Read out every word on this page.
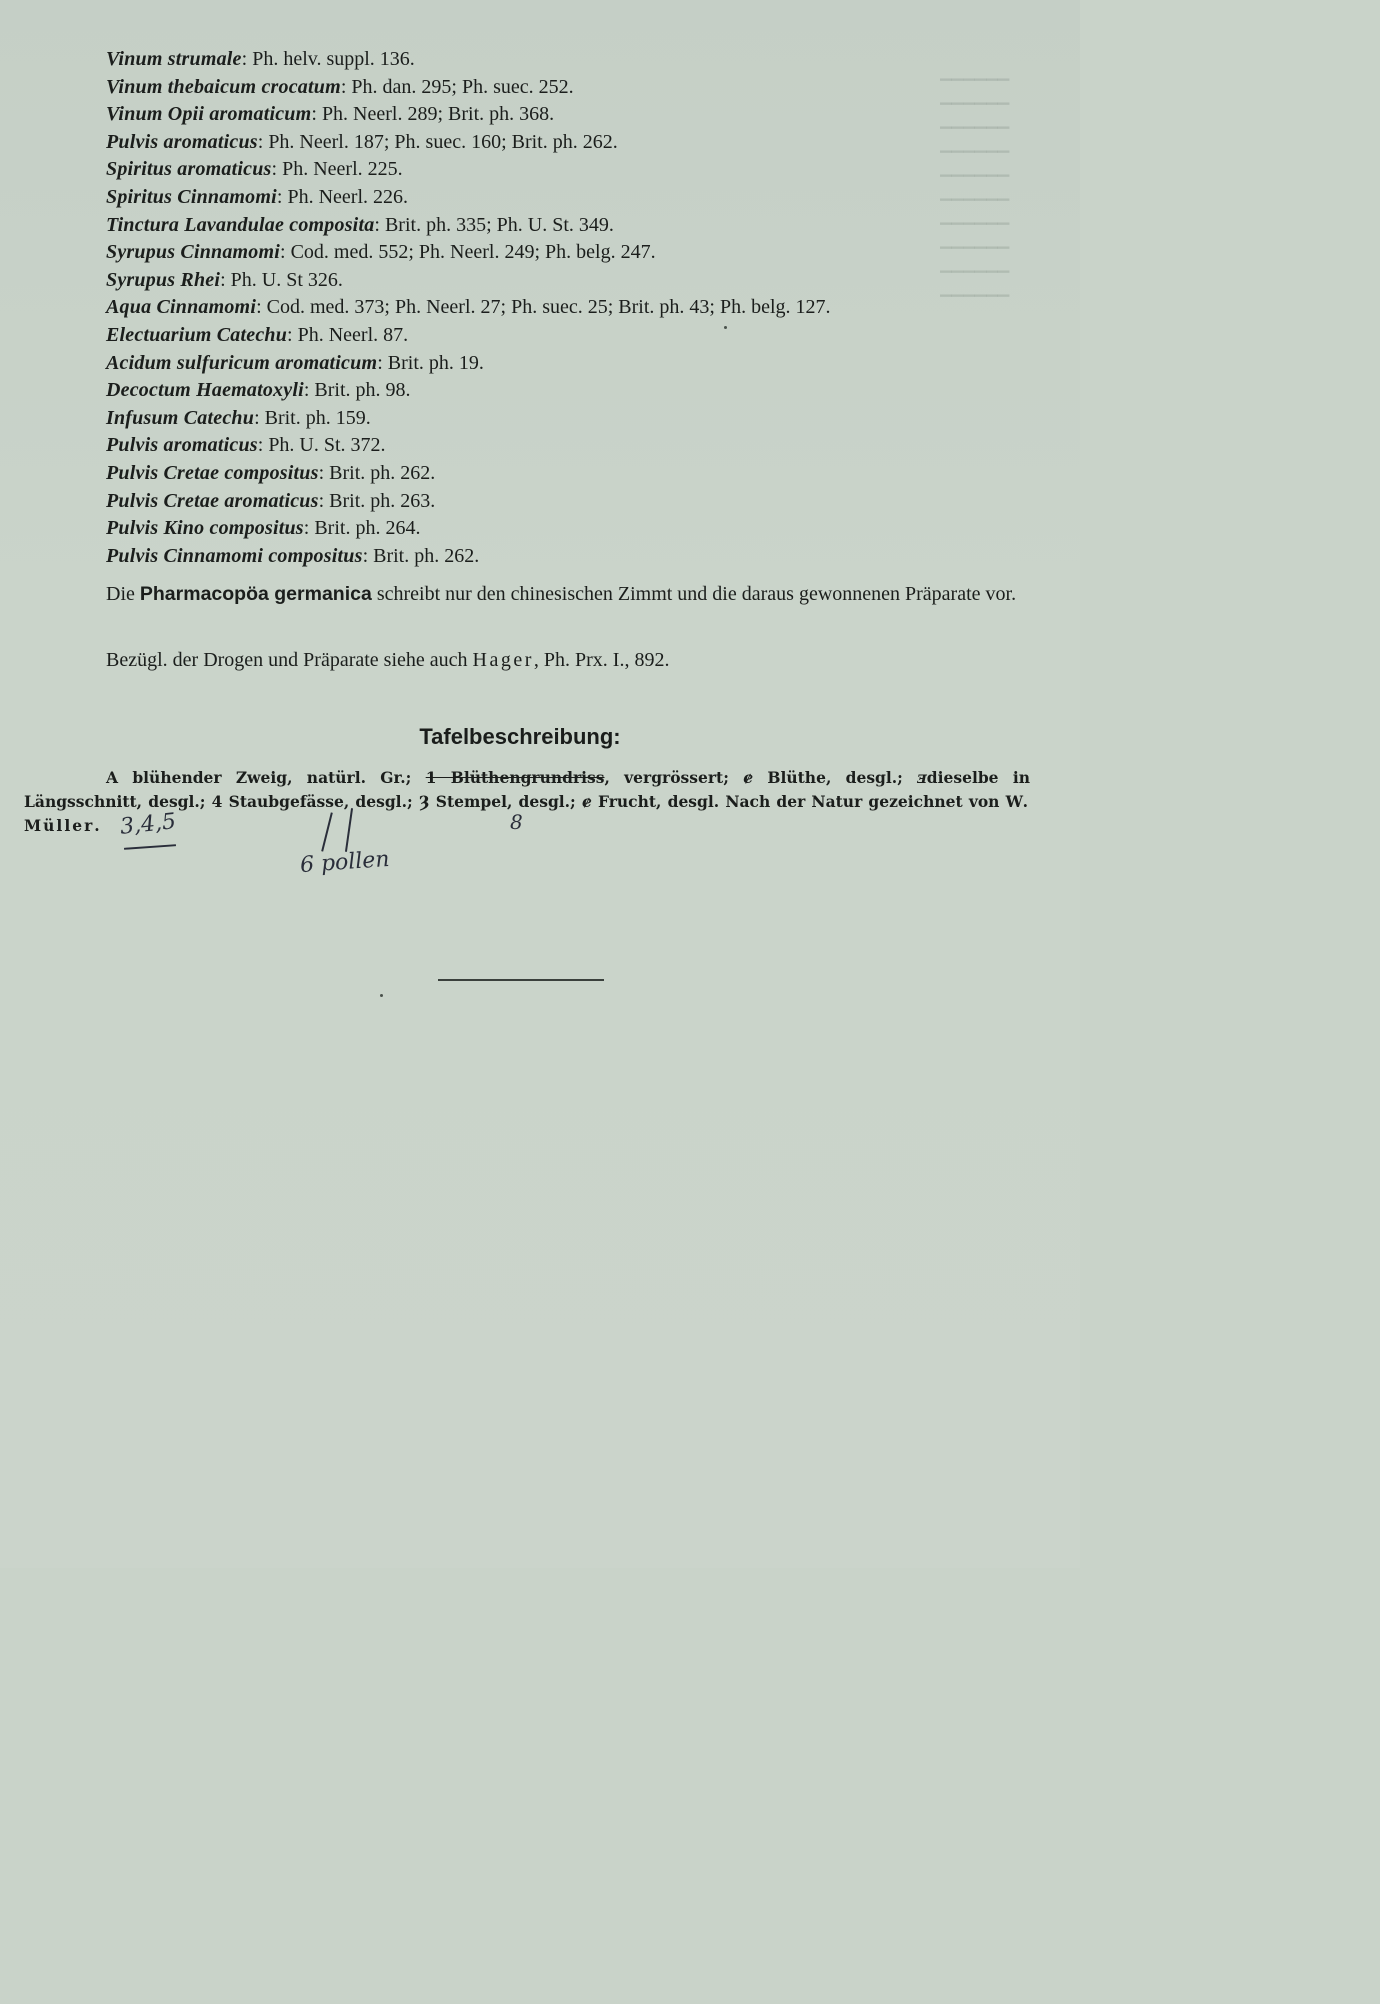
▁▁▁▁▁▁
▁▁▁▁▁▁
▁▁▁▁▁▁
▁▁▁▁▁▁
▁▁▁▁▁▁
▁▁▁▁▁▁
▁▁▁▁▁▁
▁▁▁▁▁▁
▁▁▁▁▁▁
▁▁▁▁▁▁
Vinum strumale: Ph. helv. suppl. 136.
Vinum thebaicum crocatum: Ph. dan. 295; Ph. suec. 252.
Vinum Opii aromaticum: Ph. Neerl. 289; Brit. ph. 368.
Pulvis aromaticus: Ph. Neerl. 187; Ph. suec. 160; Brit. ph. 262.
Spiritus aromaticus: Ph. Neerl. 225.
Spiritus Cinnamomi: Ph. Neerl. 226.
Tinctura Lavandulae composita: Brit. ph. 335; Ph. U. St. 349.
Syrupus Cinnamomi: Cod. med. 552; Ph. Neerl. 249; Ph. belg. 247.
Syrupus Rhei: Ph. U. St 326.
Aqua Cinnamomi: Cod. med. 373; Ph. Neerl. 27; Ph. suec. 25; Brit. ph. 43; Ph. belg. 127.
Electuarium Catechu: Ph. Neerl. 87.
Acidum sulfuricum aromaticum: Brit. ph. 19.
Decoctum Haematoxyli: Brit. ph. 98.
Infusum Catechu: Brit. ph. 159.
Pulvis aromaticus: Ph. U. St. 372.
Pulvis Cretae compositus: Brit. ph. 262.
Pulvis Cretae aromaticus: Brit. ph. 263.
Pulvis Kino compositus: Brit. ph. 264.
Pulvis Cinnamomi compositus: Brit. ph. 262.
Die Pharmacopöa germanica schreibt nur den chinesischen Zimmt und die daraus gewonnenen Präparate vor.
Bezügl. der Drogen und Präparate siehe auch Hager, Ph. Prx. I., 892.
Tafelbeschreibung:
A blühender Zweig, natürl. Gr.; 1 Blüthengrundriss, vergrössert; ɇ Blüthe, desgl.; ⱻdieselbe in Längsschnitt, desgl.; 4 Staubgefässe, desgl.; Ȝ Stempel, desgl.; ɇ Frucht, desgl. Nach der Natur gezeichnet von W. Müller. 3,4,5	8
6 pollen
